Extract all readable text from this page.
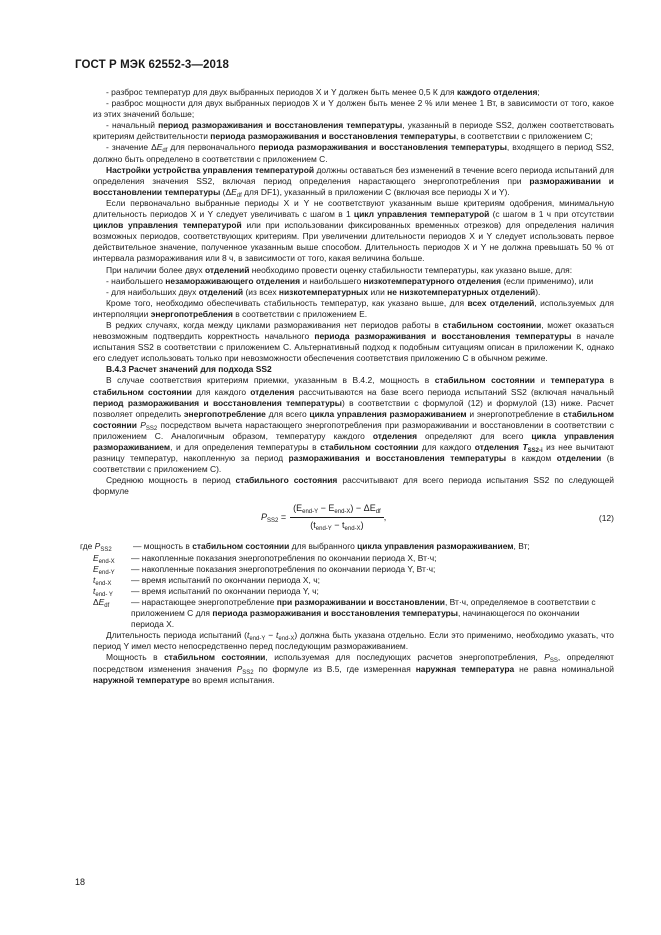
ГОСТ Р МЭК 62552-3—2018

- разброс температур для двух выбранных периодов X и Y должен быть менее 0,5 К для каждого отделения;

- разброс мощности для двух выбранных периодов X и Y должен быть менее 2 % или менее 1 Вт, в зависимости от того, какое из этих значений больше;

- начальный период размораживания и восстановления температуры, указанный в периоде SS2, должен соответствовать критериям действительности периода размораживания и восстановления температуры, в соответствии с приложением С;

- значение $\Delta E_{df}$ для первоначального периода размораживания и восстановления температуры, входящего в период SS2, должно быть определено в соответствии с приложением С.

Настройки устройства управления температурой должны оставаться без изменений в течение всего периода испытаний для определения значения SS2, включая период определения нарастающего энергопотребления при размораживании и восстановлении температуры ($\Delta E_{df}$ для DF1), указанный в приложении С (включая все периоды X и Y).

Если первоначально выбранные периоды X и Y не соответствуют указанным выше критериям одобрения, минимальную длительность периодов X и Y следует увеличивать с шагом в 1 цикл управления температурой (с шагом в 1 ч при отсутствии циклов управления температурой или при использовании фиксированных временных отрезков) для определения наличия возможных периодов, соответствующих критериям. При увеличении длительности периодов X и Y следует использовать первое действительное значение, полученное указанным выше способом. Длительность периодов X и Y не должна превышать 50 % от интервала размораживания или 8 ч, в зависимости от того, какая величина больше.

При наличии более двух отделений необходимо провести оценку стабильности температуры, как указано выше, для:

- наибольшего незамораживающего отделения и наибольшего низкотемпературного отделения (если применимо), или

- для наибольших двух отделений (из всех низкотемпературных или не низкотемпературных отделений).

Кроме того, необходимо обеспечивать стабильность температур, как указано выше, для всех отделений, используемых для интерполяции энергопотребления в соответствии с приложением Е.

В редких случаях, когда между циклами размораживания нет периодов работы в стабильном состоянии, может оказаться невозможным подтвердить корректность начального периода размораживания и восстановления температуры в начале испытания SS2 в соответствии с приложением С. Альтернативный подход к подобным ситуациям описан в приложении K, однако его следует использовать только при невозможности обеспечения соответствия приложению С в обычном режиме.

В.4.3 Расчет значений для подхода SS2

В случае соответствия критериям приемки, указанным в В.4.2, мощность в стабильном состоянии и температура в стабильном состоянии для каждого отделения рассчитываются на базе всего периода испытаний SS2 (включая начальный период размораживания и восстановления температуры) в соответствии с формулой (12) и формулой (13) ниже. Расчет позволяет определить энергопотребление для всего цикла управления размораживанием и энергопотребление в стабильном состоянии $P_{SS2}$ посредством вычета нарастающего энергопотребления при размораживании и восстановлении в соответствии с приложением С. Аналогичным образом, температуру каждого отделения определяют для всего цикла управления размораживанием, и для определения температуры в стабильном состоянии для каждого отделения $T_{SS2-i}$ из нее вычитают разницу температур, накопленную за период размораживания и восстановления температуры в каждом отделении (в соответствии с приложением С).

Среднюю мощность в период стабильного состояния рассчитывают для всего периода испытания SS2 по следующей формуле

$P_{SS2} = \frac{(E_{end-Y} - E_{end-X}) - \Delta E_{df}}{(t_{end-Y} - t_{end-X})}$ ,	(12)
где $P_{SS2}$	— мощность в стабильном состоянии для выбранного цикла управления размораживанием, Вт;
$E_{end-X}$	— накопленные показания энергопотребления по окончании периода X, Вт·ч;
$E_{end-Y}$	— накопленные показания энергопотребления по окончании периода Y, Вт·ч;
$t_{end-X}$	— время испытаний по окончании периода X, ч;
$t_{end- Y}$	— время испытаний по окончании периода Y, ч;
$\Delta E_{df}$	— нарастающее энергопотребление при размораживании и восстановлении, Вт·ч, определяемое в соответствии с приложением С для периода размораживания и восстановления температуры, начинающегося по окончании периода X.

Длительность периода испытаний $(t_{end-Y} - t_{end-X})$ должна быть указана отдельно. Если это применимо, необходимо указать, что период Y имел место непосредственно перед последующим размораживанием.

Мощность в стабильном состоянии, используемая для последующих расчетов энергопотребления, $P_{SS}$, определяют посредством изменения значения $P_{SS2}$ по формуле из В.5, где измеренная наружная температура не равна номинальной наружной температуре во время испытания.

18
